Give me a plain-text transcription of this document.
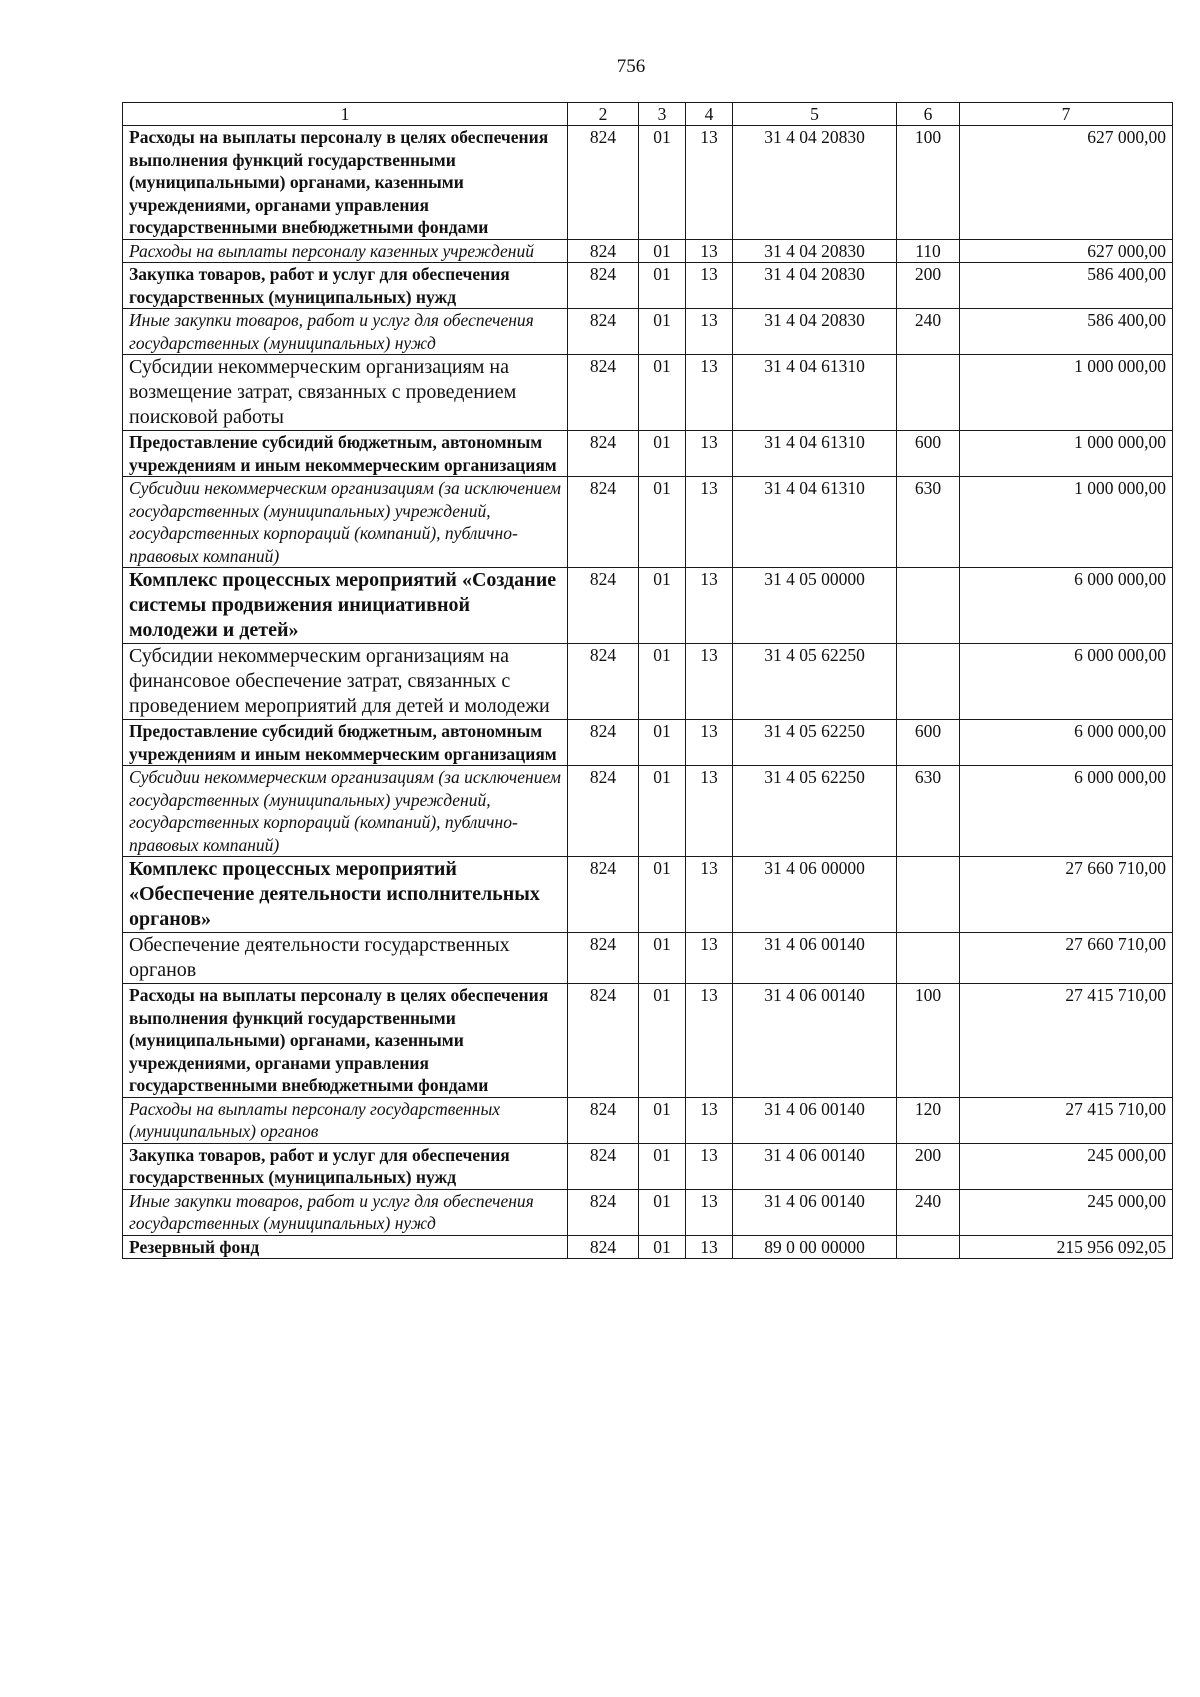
756
1	2	3	4	5	6	7
Расходы на выплаты персоналу в целях обеспечения выполнения функций государственными (муниципальными) органами, казенными учреждениями, органами управления государственными внебюджетными фондами	824	01	13	31 4 04 20830	100	627 000,00
Расходы на выплаты персоналу казенных учреждений	824	01	13	31 4 04 20830	110	627 000,00
Закупка товаров, работ и услуг для обеспечения государственных (муниципальных) нужд	824	01	13	31 4 04 20830	200	586 400,00
Иные закупки товаров, работ и услуг для обеспечения государственных (муниципальных) нужд	824	01	13	31 4 04 20830	240	586 400,00
Субсидии некоммерческим организациям на возмещение затрат, связанных с проведением поисковой работы	824	01	13	31 4 04 61310		1 000 000,00
Предоставление субсидий бюджетным, автономным учреждениям и иным некоммерческим организациям	824	01	13	31 4 04 61310	600	1 000 000,00
Субсидии некоммерческим организациям (за исключением государственных (муниципальных) учреждений, государственных корпораций (компаний), публично-правовых компаний)	824	01	13	31 4 04 61310	630	1 000 000,00
Комплекс процессных мероприятий «Создание системы продвижения инициативной молодежи и детей»	824	01	13	31 4 05 00000		6 000 000,00
Субсидии некоммерческим организациям на финансовое обеспечение затрат, связанных с проведением мероприятий для детей и молодежи	824	01	13	31 4 05 62250		6 000 000,00
Предоставление субсидий бюджетным, автономным учреждениям и иным некоммерческим организациям	824	01	13	31 4 05 62250	600	6 000 000,00
Субсидии некоммерческим организациям (за исключением государственных (муниципальных) учреждений, государственных корпораций (компаний), публично-правовых компаний)	824	01	13	31 4 05 62250	630	6 000 000,00
Комплекс процессных мероприятий «Обеспечение деятельности исполнительных органов»	824	01	13	31 4 06 00000		27 660 710,00
Обеспечение деятельности государственных органов	824	01	13	31 4 06 00140		27 660 710,00
Расходы на выплаты персоналу в целях обеспечения выполнения функций государственными (муниципальными) органами, казенными учреждениями, органами управления государственными внебюджетными фондами	824	01	13	31 4 06 00140	100	27 415 710,00
Расходы на выплаты персоналу государственных (муниципальных) органов	824	01	13	31 4 06 00140	120	27 415 710,00
Закупка товаров, работ и услуг для обеспечения государственных (муниципальных) нужд	824	01	13	31 4 06 00140	200	245 000,00
Иные закупки товаров, работ и услуг для обеспечения государственных (муниципальных) нужд	824	01	13	31 4 06 00140	240	245 000,00
Резервный фонд	824	01	13	89 0 00 00000		215 956 092,05
